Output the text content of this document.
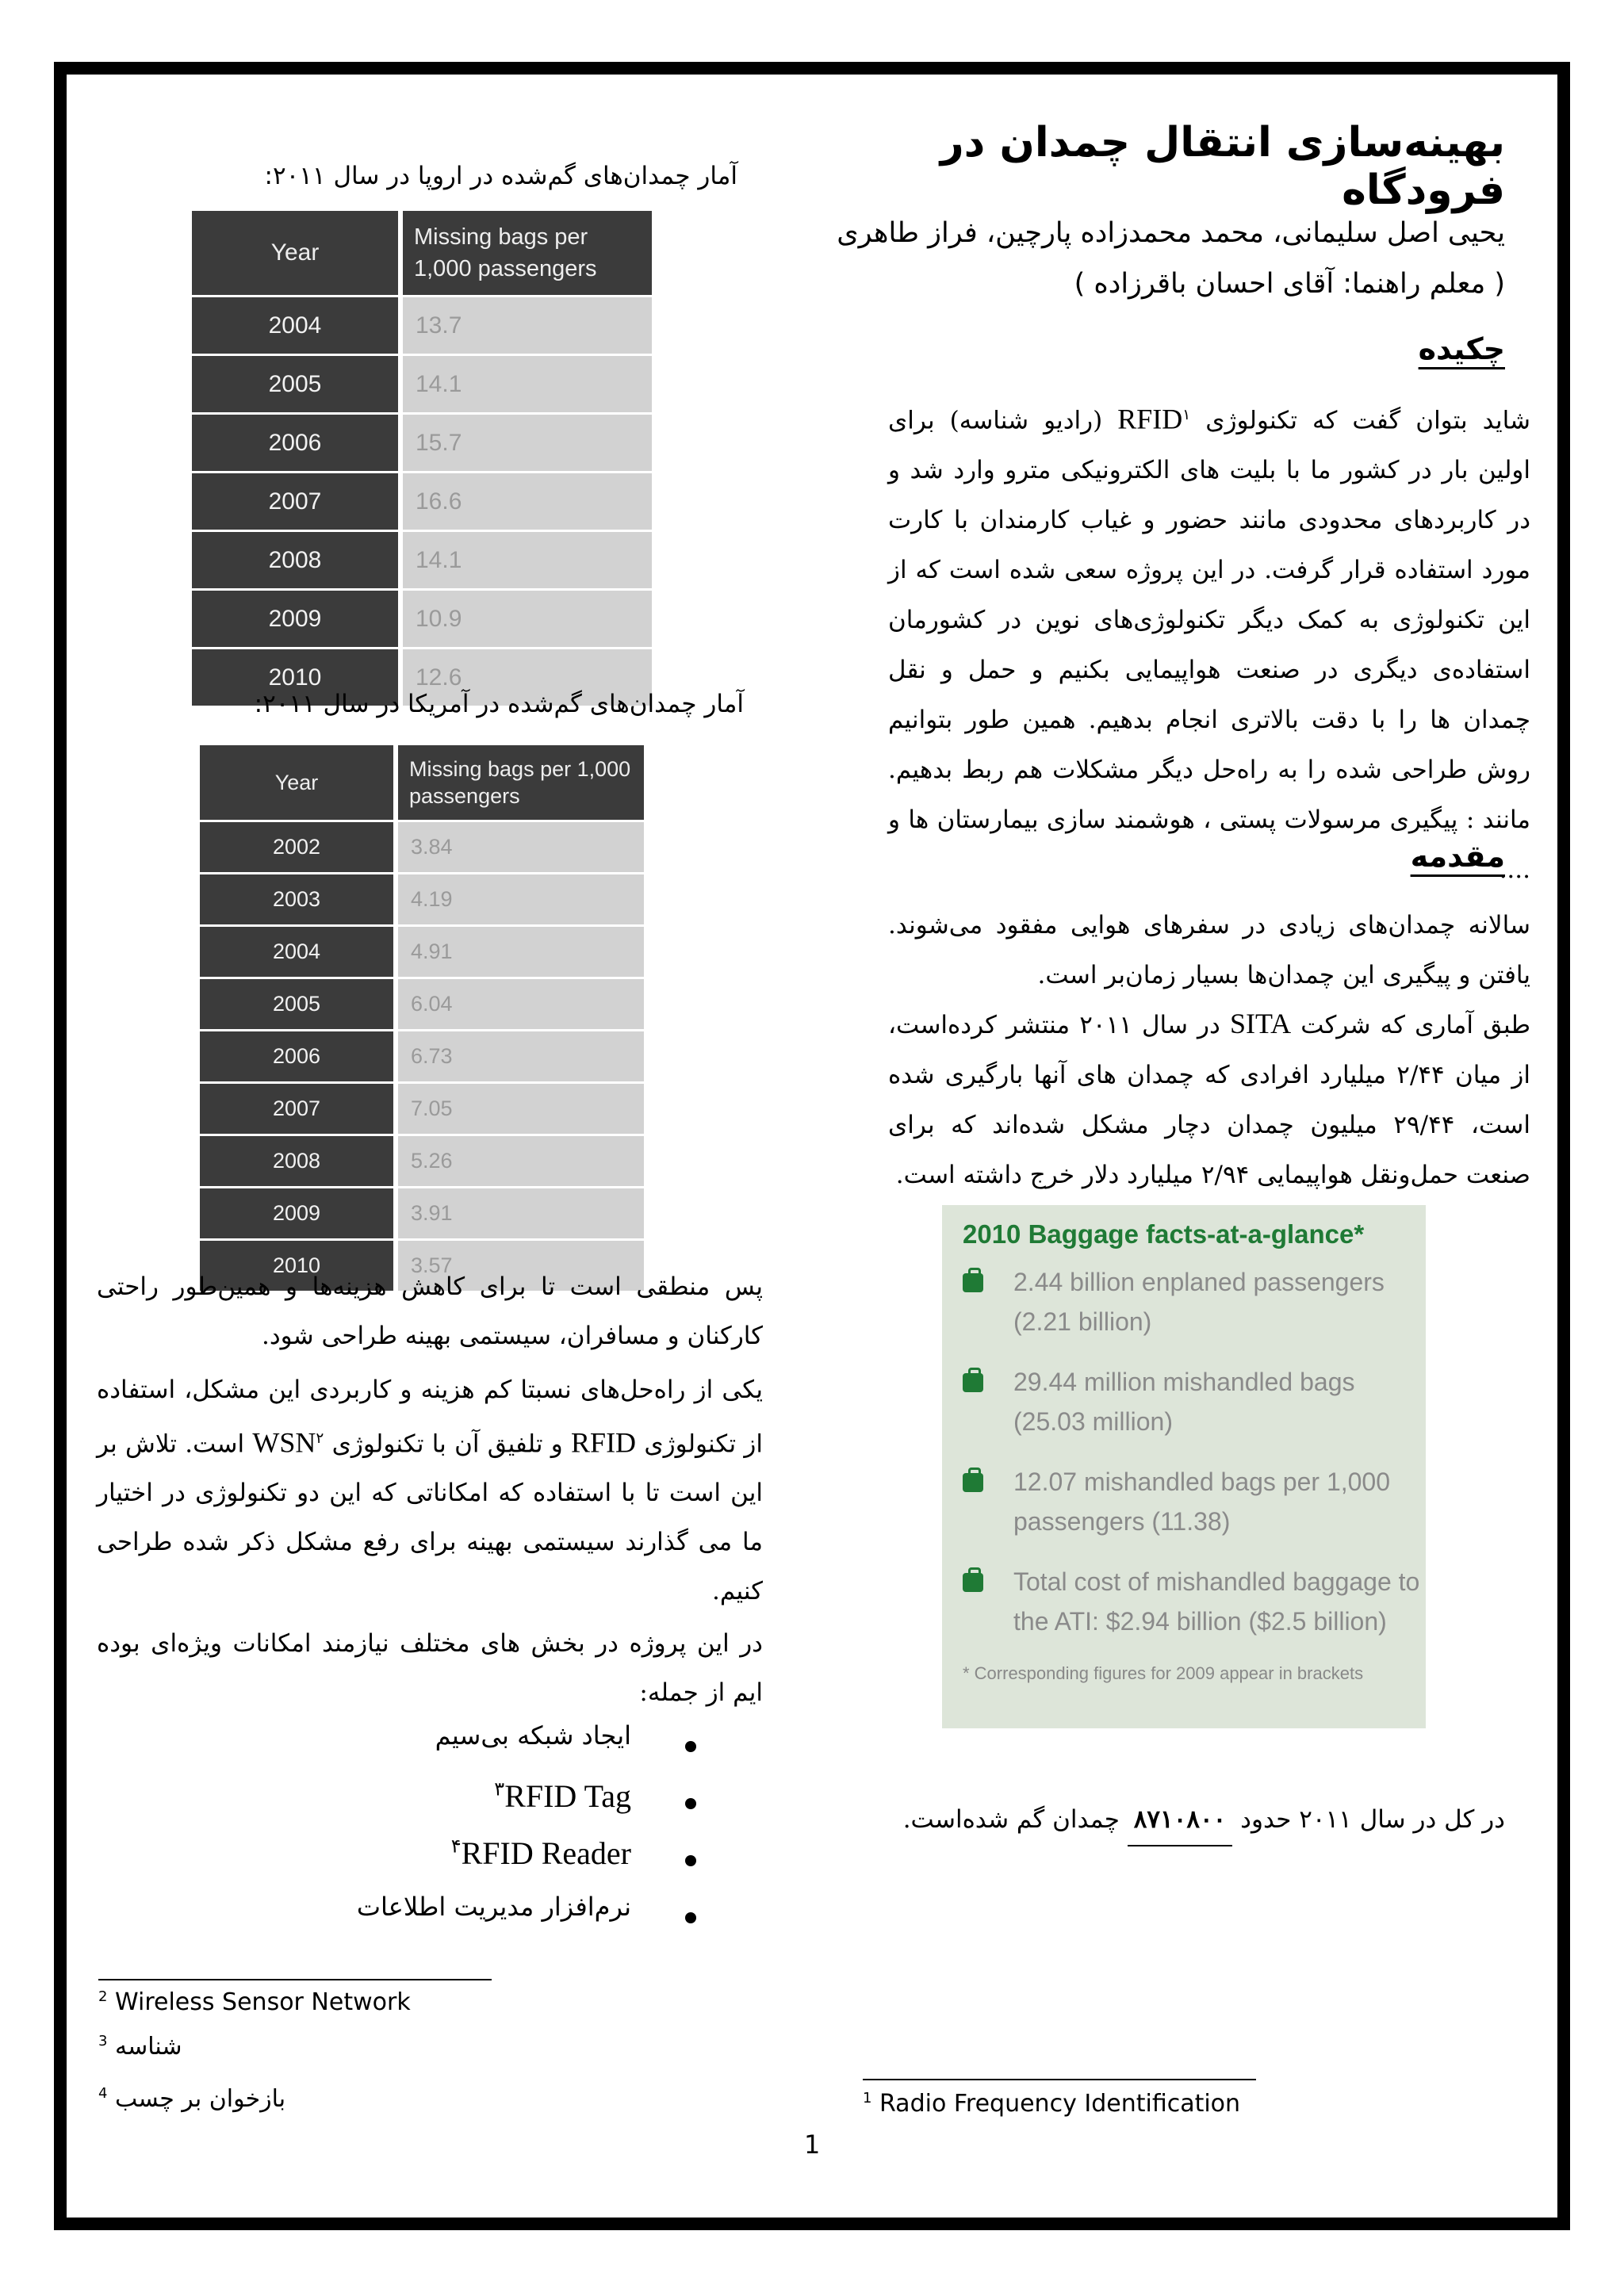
بهینه‌سازی انتقال چمدان در فرودگاه
یحیی اصل سلیمانی، محمد محمدزاده پارچین، فراز طاهری
( معلم راهنما: آقای احسان باقرزاده )
چکیده
شاید بتوان گفت که تکنولوژی RFID$^۱$ (رادیو شناسه) برای اولین بار در کشور ما با بلیت های الکترونیکی مترو وارد شد و در کاربردهای محدودی مانند حضور و غیاب کارمندان با کارت مورد استفاده قرار گرفت. در این پروژه سعی شده است که از این تکنولوژی به کمک دیگر تکنولوژی‌های نوین در کشورمان استفاده‌ی دیگری در صنعت هواپیمایی بکنیم و حمل و نقل چمدان ها را با دقت بالاتری انجام بدهیم. همین طور بتوانیم روش طراحی شده را به راه‌حل دیگر مشکلات هم ربط بدهیم. مانند : پیگیری مرسولات پستی ، هوشمند سازی بیمارستان ها و ....
مقدمه
سالانه چمدان‌های زیادی در سفرهای هوایی مفقود می‌شوند. یافتن و پیگیری این چمدان‌ها بسیار زمان‌بر است.
طبق آماری که شرکت SITA در سال ۲۰۱۱ منتشر کرده‌است، از میان ۲/۴۴ میلیارد افرادی که چمدان های آنها بارگیری شده است، ۲۹/۴۴ میلیون چمدان دچار مشکل شده‌اند که برای صنعت حمل‌ونقل هواپیمایی ۲/۹۴ میلیارد دلار خرج داشته است.
2010 Baggage facts-at-a-glance*
2.44 billion enplaned passengers (2.21 billion)
29.44 million mishandled bags (25.03 million)
12.07 mishandled bags per 1,000 passengers (11.38)
Total cost of mishandled baggage to the ATI: $2.94 billion ($2.5 billion)
* Corresponding figures for 2009 appear in brackets
در کل در سال ۲۰۱۱ حدود ۸۷۱۰۸۰۰ چمدان گم شده‌است.
آمار چمدان‌های گم‌شده در اروپا در سال ۲۰۱۱:
Year	Missing bags per 1,000 passengers
2004	13.7
2005	14.1
2006	15.7
2007	16.6
2008	14.1
2009	10.9
2010	12.6
آمار چمدان‌های گم‌شده در آمریکا در سال ۲۰۱۱:
Year	Missing bags per 1,000 passengers
2002	3.84
2003	4.19
2004	4.91
2005	6.04
2006	6.73
2007	7.05
2008	5.26
2009	3.91
2010	3.57
پس منطقی است تا برای کاهش هزینه‌ها و همین‌طور راحتی کارکنان و مسافران، سیستمی بهینه طراحی شود.
یکی از راه‌حل‌های نسبتا کم هزینه و کاربردی این مشکل، استفاده از تکنولوژی RFID و تلفیق آن با تکنولوژی WSN$^۲$ است. تلاش بر این است تا با استفاده که امکاناتی که این دو تکنولوژی در اختیار ما می گذارند سیستمی بهینه برای رفع مشکل ذکر شده طراحی کنیم.
در این پروژه در بخش های مختلف نیازمند امکانات ویژه‌ای بوده ایم از جمله:
ایجاد شبکه بی‌سیم
$^۳$RFID Tag
$^۴$RFID Reader
نرم‌افزار مدیریت اطلاعات
$^2$ Wireless Sensor Network
$^3$ شناسه
$^4$ بازخوان بر چسب	$^1$ Radio Frequency Identification
1
